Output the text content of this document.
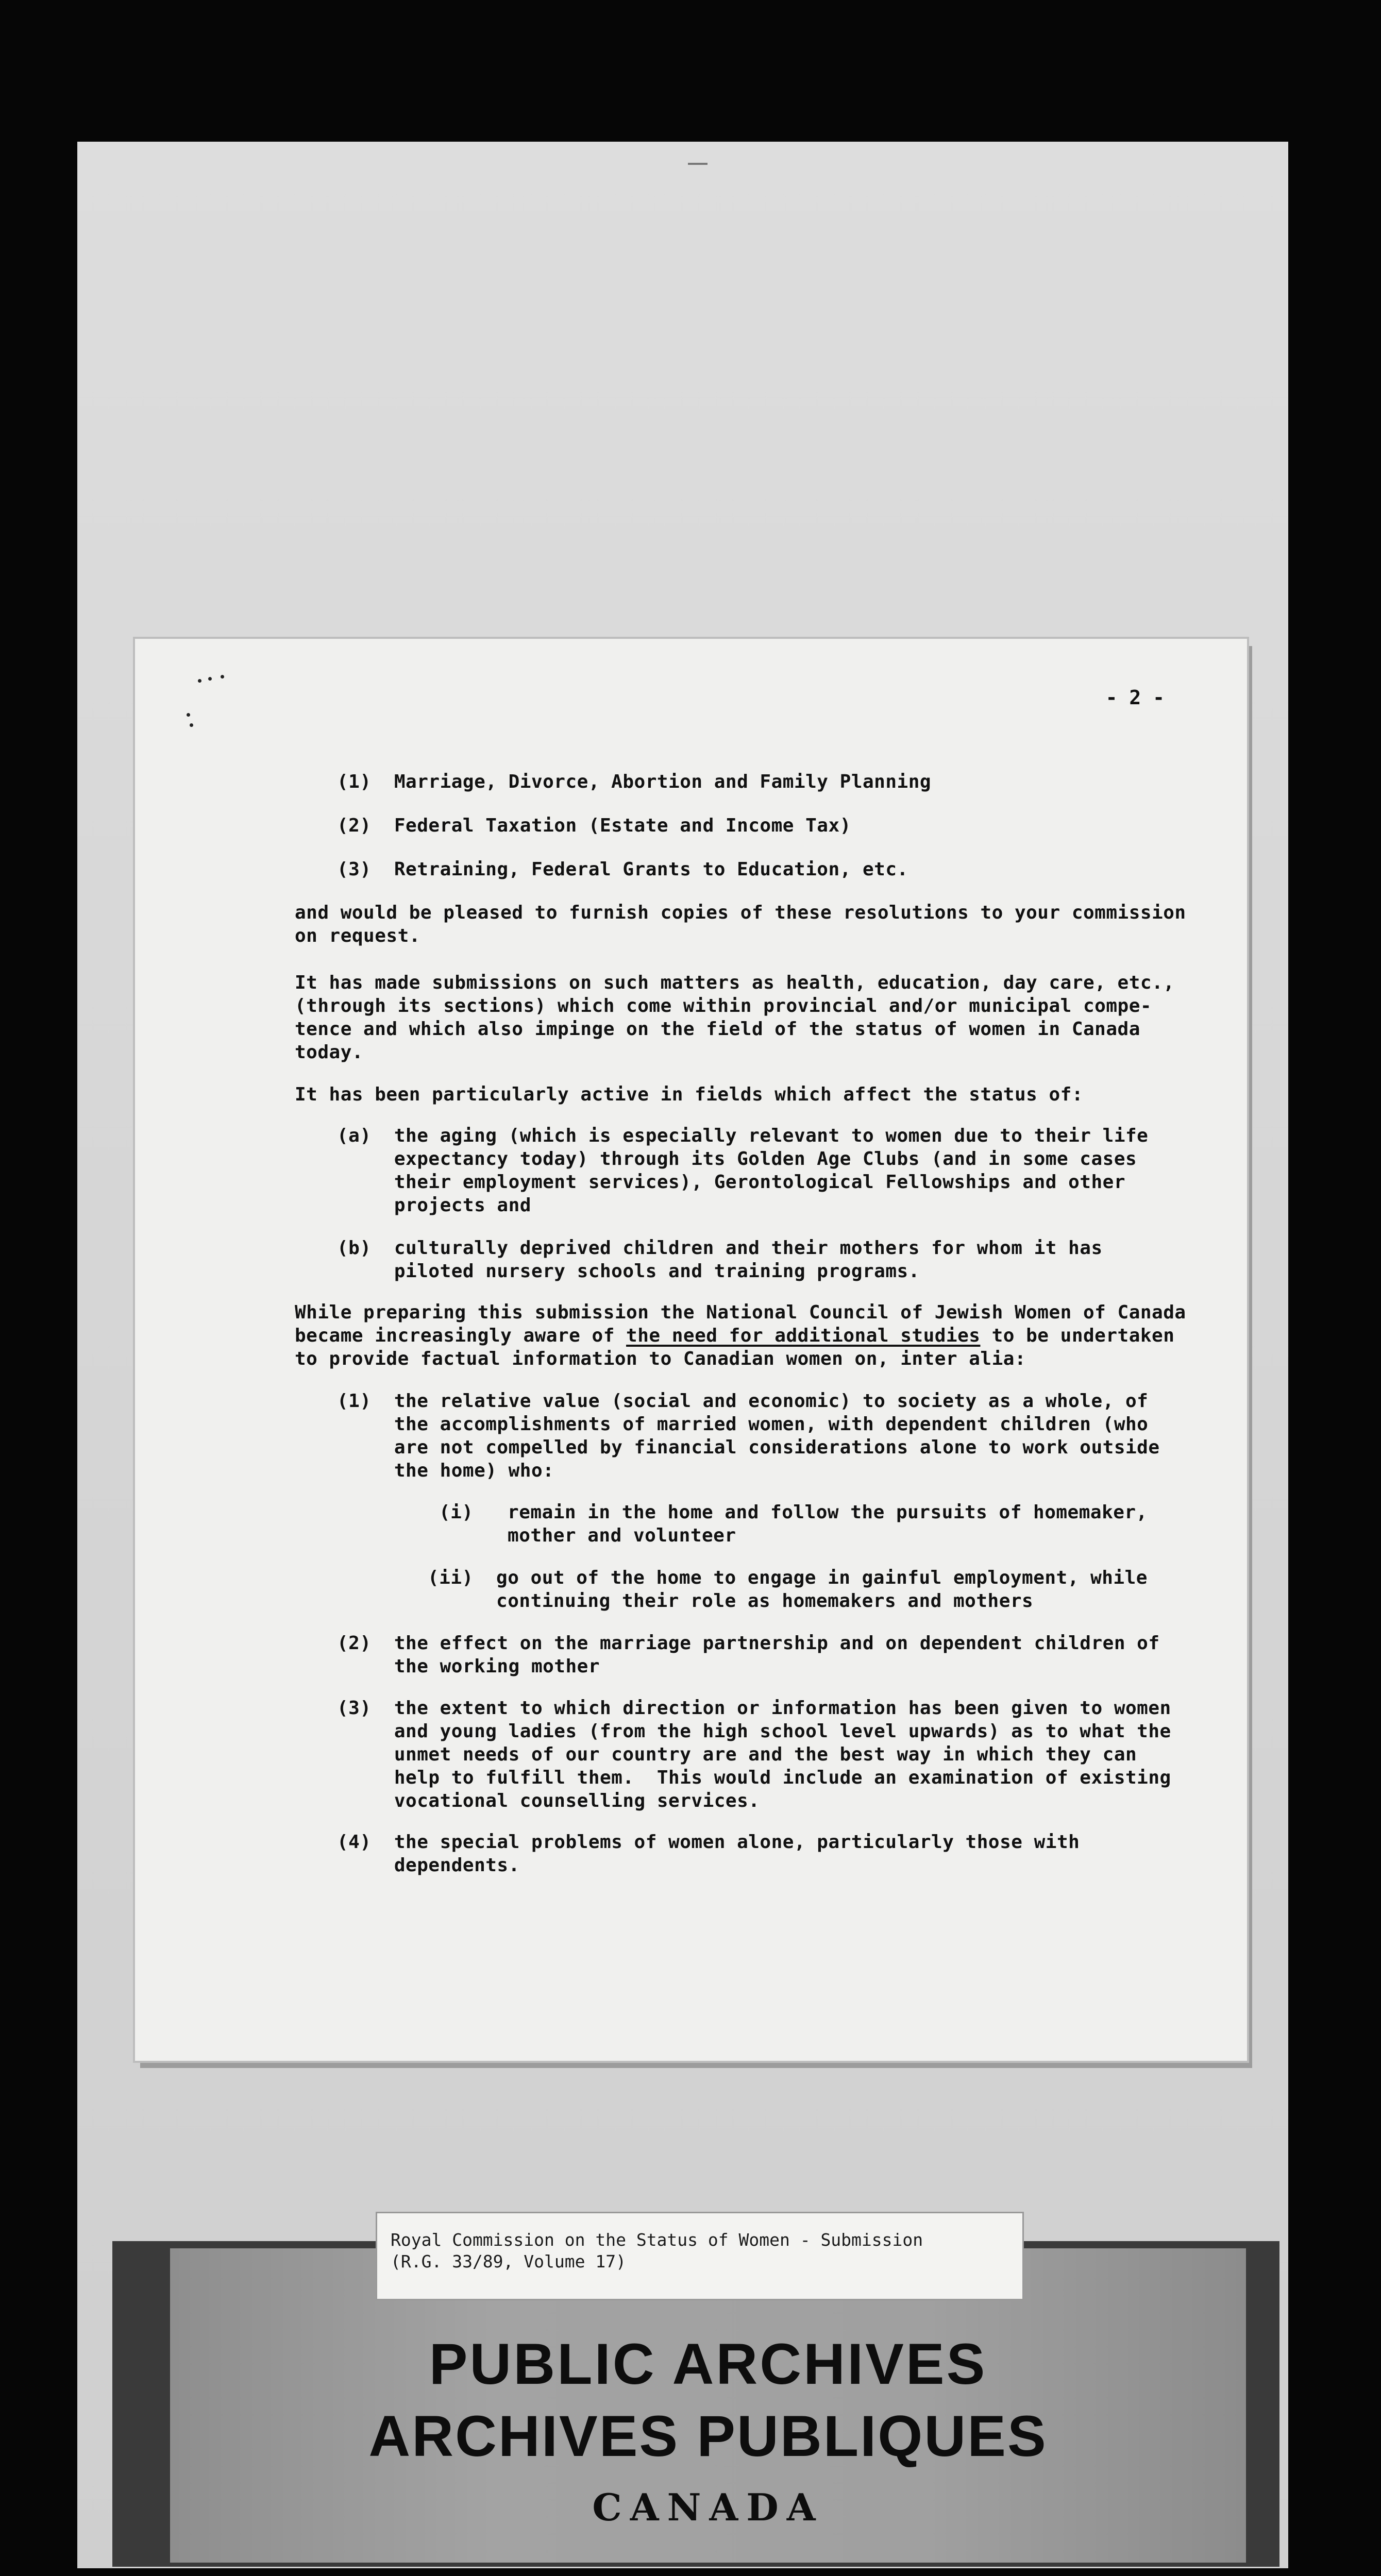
- 2 -
(1)  Marriage, Divorce, Abortion and Family Planning
(2)  Federal Taxation (Estate and Income Tax)
(3)  Retraining, Federal Grants to Education, etc.
and would be pleased to furnish copies of these resolutions to your commission
on request.
It has made submissions on such matters as health, education, day care, etc.,
(through its sections) which come within provincial and/or municipal compe-
tence and which also impinge on the field of the status of women in Canada
today.
It has been particularly active in fields which affect the status of:
(a)  the aging (which is especially relevant to women due to their life
expectancy today) through its Golden Age Clubs (and in some cases
their employment services), Gerontological Fellowships and other
projects and
(b)  culturally deprived children and their mothers for whom it has
piloted nursery schools and training programs.
While preparing this submission the National Council of Jewish Women of Canada
became increasingly aware of the need for additional studies to be undertaken
to provide factual information to Canadian women on, inter alia:
(1)  the relative value (social and economic) to society as a whole, of
the accomplishments of married women, with dependent children (who
are not compelled by financial considerations alone to work outside
the home) who:
(i)   remain in the home and follow the pursuits of homemaker,
mother and volunteer
(ii)  go out of the home to engage in gainful employment, while
continuing their role as homemakers and mothers
(2)  the effect on the marriage partnership and on dependent children of
the working mother
(3)  the extent to which direction or information has been given to women
and young ladies (from the high school level upwards) as to what the
unmet needs of our country are and the best way in which they can
help to fulfill them.  This would include an examination of existing
vocational counselling services.
(4)  the special problems of women alone, particularly those with
dependents.
PUBLIC ARCHIVES
ARCHIVES PUBLIQUES
CANADA
Royal Commission on the Status of Women - Submission
(R.G. 33/89, Volume 17)
